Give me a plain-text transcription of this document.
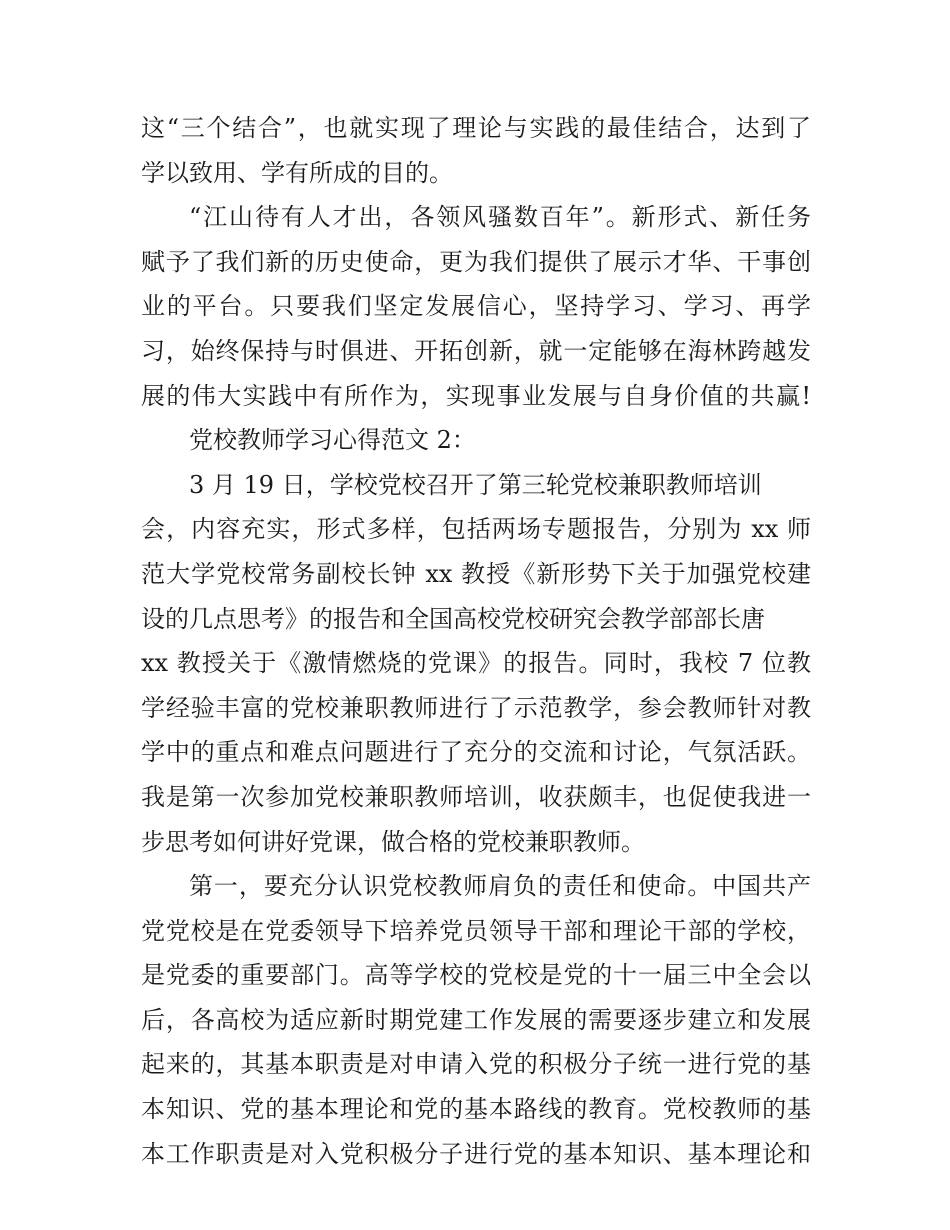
这“三个结合”，也就实现了理论与实践的最佳结合，达到了
学以致用、学有所成的目的。
“江山待有人才出，各领风骚数百年”。新形式、新任务
赋予了我们新的历史使命，更为我们提供了展示才华、干事创
业的平台。只要我们坚定发展信心，坚持学习、学习、再学
习，始终保持与时俱进、开拓创新，就一定能够在海林跨越发
展的伟大实践中有所作为，实现事业发展与自身价值的共赢!
党校教师学习心得范文 2：
3 月 19 日，学校党校召开了第三轮党校兼职教师培训
会，内容充实，形式多样，包括两场专题报告，分别为 xx 师
范大学党校常务副校长钟 xx 教授《新形势下关于加强党校建
设的几点思考》的报告和全国高校党校研究会教学部部长唐
xx 教授关于《激情燃烧的党课》的报告。同时，我校 7 位教
学经验丰富的党校兼职教师进行了示范教学，参会教师针对教
学中的重点和难点问题进行了充分的交流和讨论，气氛活跃。
我是第一次参加党校兼职教师培训，收获颇丰，也促使我进一
步思考如何讲好党课，做合格的党校兼职教师。
第一，要充分认识党校教师肩负的责任和使命。中国共产
党党校是在党委领导下培养党员领导干部和理论干部的学校，
是党委的重要部门。高等学校的党校是党的十一届三中全会以
后，各高校为适应新时期党建工作发展的需要逐步建立和发展
起来的，其基本职责是对申请入党的积极分子统一进行党的基
本知识、党的基本理论和党的基本路线的教育。党校教师的基
本工作职责是对入党积极分子进行党的基本知识、基本理论和
